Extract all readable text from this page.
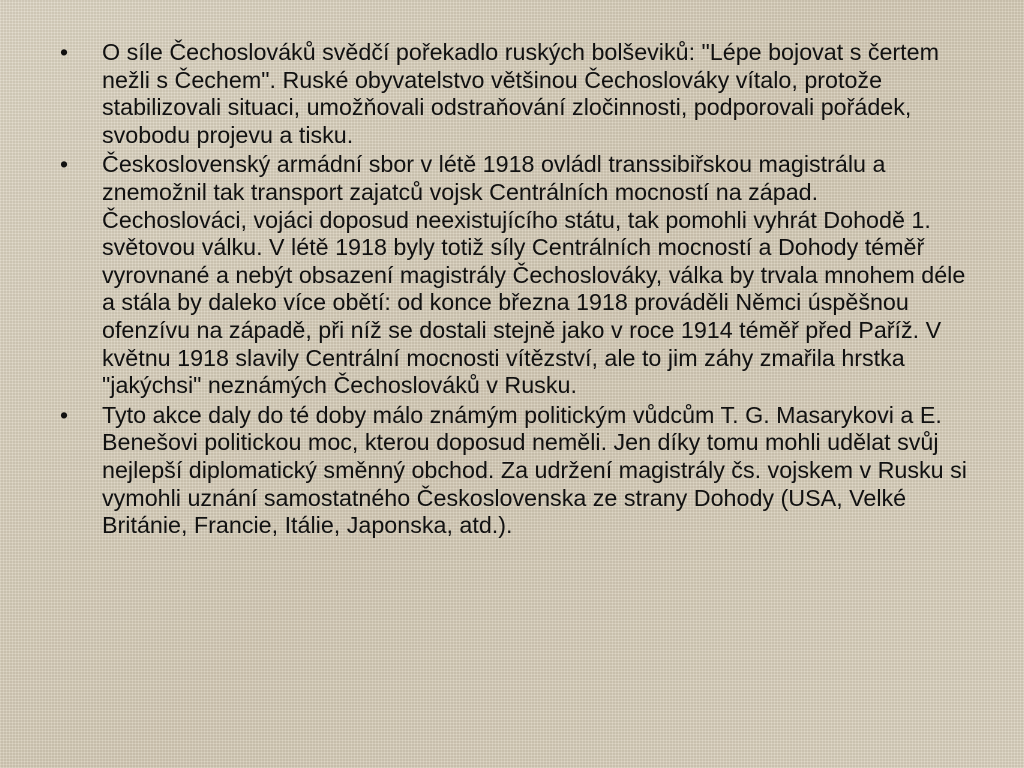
• O síle Čechoslováků svědčí pořekadlo ruských bolševiků: "Lépe bojovat s čertem nežli s Čechem". Ruské obyvatelstvo většinou Čechoslováky vítalo, protože stabilizovali situaci, umožňovali odstraňování zločinnosti, podporovali pořádek, svobodu projevu a tisku.
• Československý armádní sbor v létě 1918 ovládl transsibiřskou magistrálu a znemožnil tak transport zajatců vojsk Centrálních mocností na západ. Čechoslováci, vojáci doposud neexistujícího státu, tak pomohli vyhrát Dohodě 1. světovou válku. V létě 1918 byly totiž síly Centrálních mocností a Dohody téměř vyrovnané a nebýt obsazení magistrály Čechoslováky, válka by trvala mnohem déle a stála by daleko více obětí: od konce března 1918 prováděli Němci úspěšnou ofenzívu na západě, při níž se dostali stejně jako v roce 1914 téměř před Paříž. V květnu 1918 slavily Centrální mocnosti vítězství, ale to jim záhy zmařila hrstka "jakýchsi" neznámých Čechoslováků v Rusku.
• Tyto akce daly do té doby málo známým politickým vůdcům T. G. Masarykovi a E. Benešovi politickou moc, kterou doposud neměli. Jen díky tomu mohli udělat svůj nejlepší diplomatický směnný obchod. Za udržení magistrály čs. vojskem v Rusku si vymohli uznání samostatného Československa ze strany Dohody (USA, Velké Británie, Francie, Itálie, Japonska, atd.).
